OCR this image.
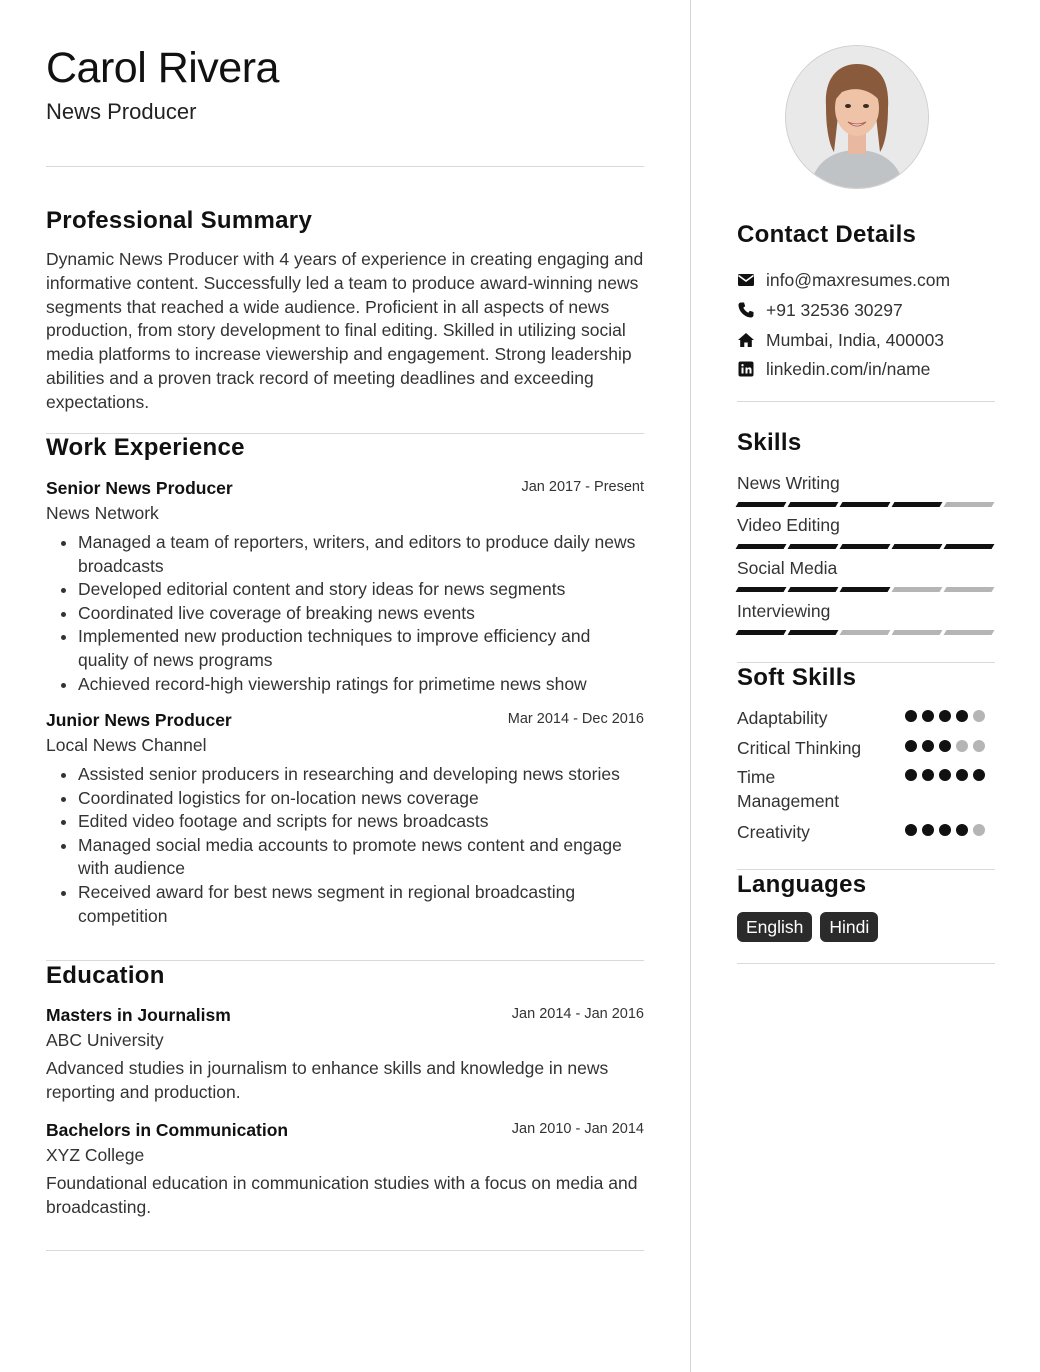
Carol Rivera
News Producer
Professional Summary

Dynamic News Producer with 4 years of experience in creating engaging and informative content. Successfully led a team to produce award-winning news segments that reached a wide audience. Proficient in all aspects of news production, from story development to final editing. Skilled in utilizing social media platforms to increase viewership and engagement. Strong leadership abilities and a proven track record of meeting deadlines and exceeding expectations.

Work Experience
Senior News Producer	Jan 2017 - Present
News Network
• Managed a team of reporters, writers, and editors to produce daily news broadcasts
• Developed editorial content and story ideas for news segments
• Coordinated live coverage of breaking news events
• Implemented new production techniques to improve efficiency and quality of news programs
• Achieved record-high viewership ratings for primetime news show
Junior News Producer	Mar 2014 - Dec 2016
Local News Channel
• Assisted senior producers in researching and developing news stories
• Coordinated logistics for on-location news coverage
• Edited video footage and scripts for news broadcasts
• Managed social media accounts to promote news content and engage with audience
• Received award for best news segment in regional broadcasting competition
Education
Masters in Journalism	Jan 2014 - Jan 2016
ABC University

Advanced studies in journalism to enhance skills and knowledge in news reporting and production.

Bachelors in Communication	Jan 2010 - Jan 2014
XYZ College

Foundational education in communication studies with a focus on media and broadcasting.

Contact Details
info@maxresumes.com
+91 32536 30297
Mumbai, India, 400003
linkedin.com/in/name
Skills
News Writing
Video Editing
Social Media
Interviewing
Soft Skills
Adaptability
Critical Thinking
Time Management
Creativity
Languages
English	Hindi
